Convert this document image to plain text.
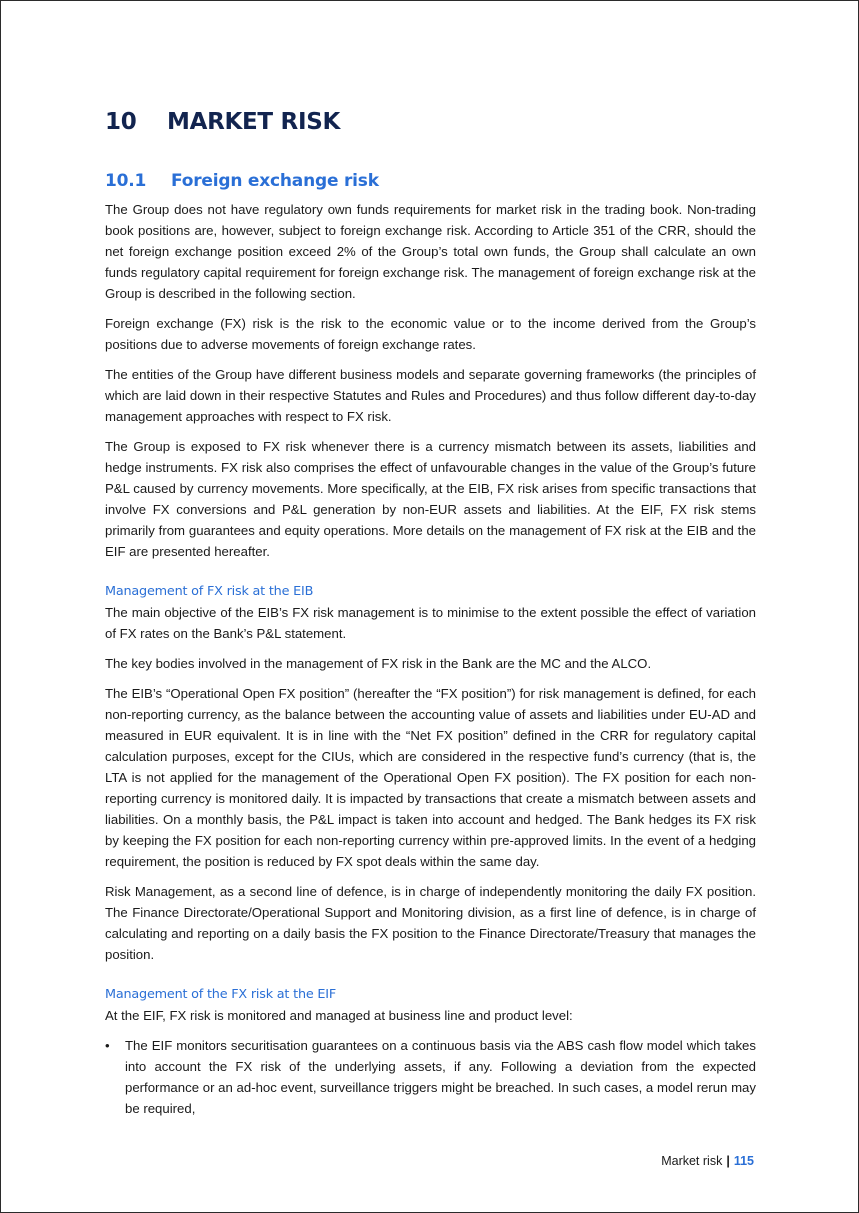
10 MARKET RISK
10.1 Foreign exchange risk

The Group does not have regulatory own funds requirements for market risk in the trading book. Non-trading book positions are, however, subject to foreign exchange risk. According to Article 351 of the CRR, should the net foreign exchange position exceed 2% of the Group’s total own funds, the Group shall calculate an own funds regulatory capital requirement for foreign exchange risk. The management of foreign exchange risk at the Group is described in the following section.

Foreign exchange (FX) risk is the risk to the economic value or to the income derived from the Group’s positions due to adverse movements of foreign exchange rates.

The entities of the Group have different business models and separate governing frameworks (the principles of which are laid down in their respective Statutes and Rules and Procedures) and thus follow different day-to-day management approaches with respect to FX risk.

The Group is exposed to FX risk whenever there is a currency mismatch between its assets, liabilities and hedge instruments. FX risk also comprises the effect of unfavourable changes in the value of the Group’s future P&L caused by currency movements. More specifically, at the EIB, FX risk arises from specific transactions that involve FX conversions and P&L generation by non-EUR assets and liabilities. At the EIF, FX risk stems primarily from guarantees and equity operations. More details on the management of FX risk at the EIB and the EIF are presented hereafter.

Management of FX risk at the EIB

The main objective of the EIB’s FX risk management is to minimise to the extent possible the effect of variation of FX rates on the Bank’s P&L statement.

The key bodies involved in the management of FX risk in the Bank are the MC and the ALCO.

The EIB’s “Operational Open FX position” (hereafter the “FX position”) for risk management is defined, for each non-reporting currency, as the balance between the accounting value of assets and liabilities under EU-AD and measured in EUR equivalent. It is in line with the “Net FX position” defined in the CRR for regulatory capital calculation purposes, except for the CIUs, which are considered in the respective fund’s currency (that is, the LTA is not applied for the management of the Operational Open FX position). The FX position for each non-reporting currency is monitored daily. It is impacted by transactions that create a mismatch between assets and liabilities. On a monthly basis, the P&L impact is taken into account and hedged. The Bank hedges its FX risk by keeping the FX position for each non-reporting currency within pre-approved limits. In the event of a hedging requirement, the position is reduced by FX spot deals within the same day.

Risk Management, as a second line of defence, is in charge of independently monitoring the daily FX position. The Finance Directorate/Operational Support and Monitoring division, as a first line of defence, is in charge of calculating and reporting on a daily basis the FX position to the Finance Directorate/Treasury that manages the position.

Management of the FX risk at the EIF

At the EIF, FX risk is monitored and managed at business line and product level:

• The EIF monitors securitisation guarantees on a continuous basis via the ABS cash flow model which takes into account the FX risk of the underlying assets, if any. Following a deviation from the expected performance or an ad-hoc event, surveillance triggers might be breached. In such cases, a model rerun may be required,

Market risk | 115
